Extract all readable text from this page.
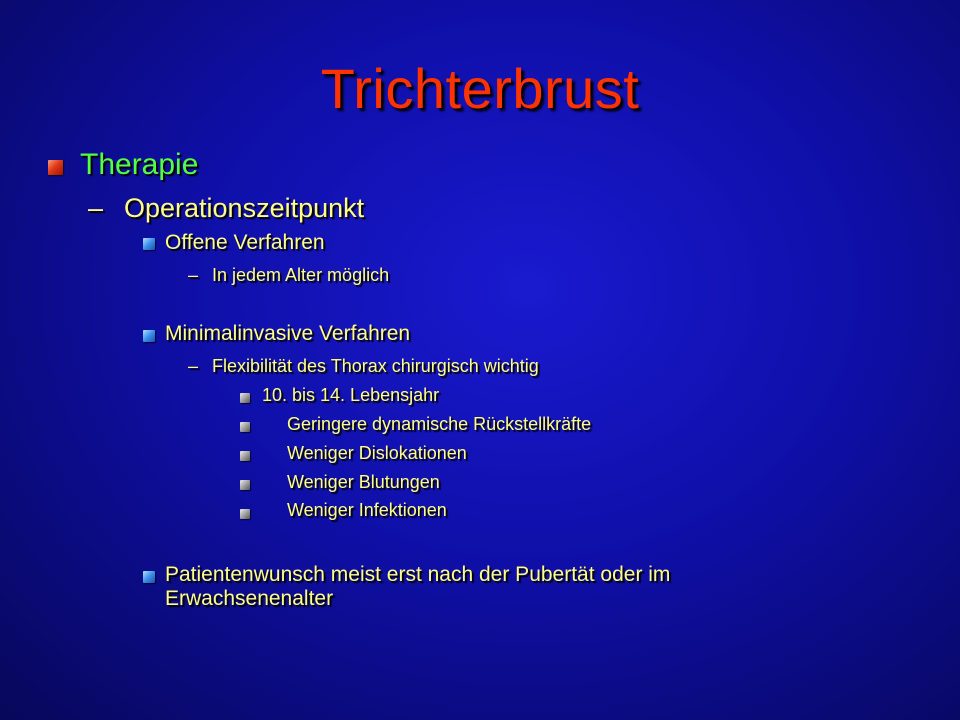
Trichterbrust
Therapie
– Operationszeitpunkt
Offene Verfahren
– In jedem Alter möglich
Minimalinvasive Verfahren
– Flexibilität des Thorax chirurgisch wichtig
10. bis 14. Lebensjahr
Geringere dynamische Rückstellkräfte
Weniger Dislokationen
Weniger Blutungen
Weniger Infektionen
Patientenwunsch meist erst nach der Pubertät oder im
Erwachsenenalter
